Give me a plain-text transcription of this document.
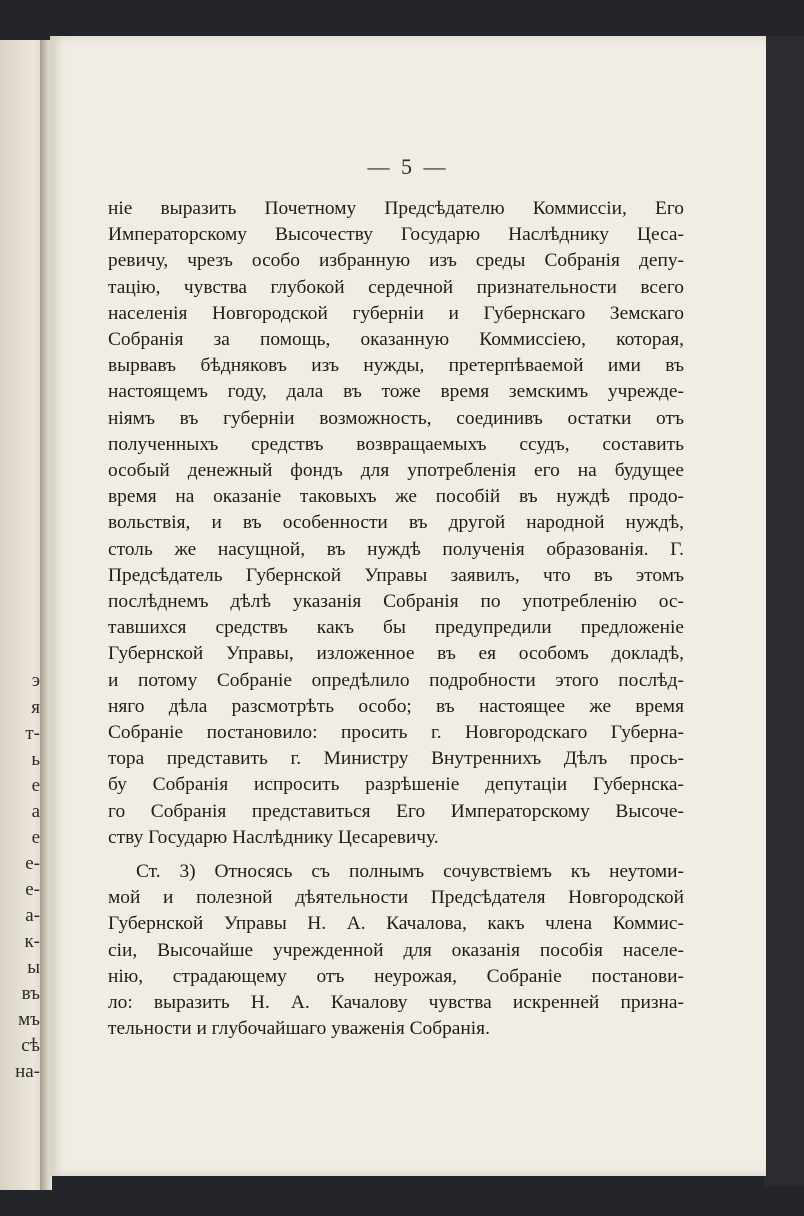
э
я
т-
ь
е
а
е
е-
е-
а-
к-
ы
въ
мъ
сѣ
на-
— 5 —
ніе выразить Почетному Предсѣдателю Коммиссіи, Его
Императорскому Высочеству Государю Наслѣднику Цеса-
ревичу, чрезъ особо избранную изъ среды Собранія депу-
тацію, чувства глубокой сердечной признательности всего
населенія Новгородской губерніи и Губернскаго Земскаго
Собранія за помощь, оказанную Коммиссіею, которая,
вырвавъ бѣдняковъ изъ нужды, претерпѣваемой ими въ
настоящемъ году, дала въ тоже время земскимъ учрежде-
ніямъ въ губерніи возможность, соединивъ остатки отъ
полученныхъ средствъ возвращаемыхъ ссудъ, составить
особый денежный фондъ для употребленія его на будущее
время на оказаніе таковыхъ же пособій въ нуждѣ продо-
вольствія, и въ особенности въ другой народной нуждѣ,
столь же насущной, въ нуждѣ полученія образованія. Г.
Предсѣдатель Губернской Управы заявилъ, что въ этомъ
послѣднемъ дѣлѣ указанія Собранія по употребленію ос-
тавшихся средствъ какъ бы предупредили предложеніе
Губернской Управы, изложенное въ ея особомъ докладѣ,
и потому Собраніе опредѣлило подробности этого послѣд-
няго дѣла разсмотрѣть особо; въ настоящее же время
Собраніе постановило: просить г. Новгородскаго Губерна-
тора представить г. Министру Внутреннихъ Дѣлъ прось-
бу Собранія испросить разрѣшеніе депутаціи Губернска-
го Собранія представиться Его Императорскому Высочe-
ству Государю Наслѣднику Цесаревичу.
Ст. 3) Относясь съ полнымъ сочувствіемъ къ неутоми-
мой и полезной дѣятельности Предсѣдателя Новгородской
Губернской Управы Н. А. Качалова, какъ члена Коммис-
сіи, Высочайше учрежденной для оказанія пособія населе-
нію, страдающему отъ неурожая, Собраніе постанови-
ло: выразить Н. А. Качалову чувства искренней призна-
тельности и глубочайшаго уваженія Собранія.
